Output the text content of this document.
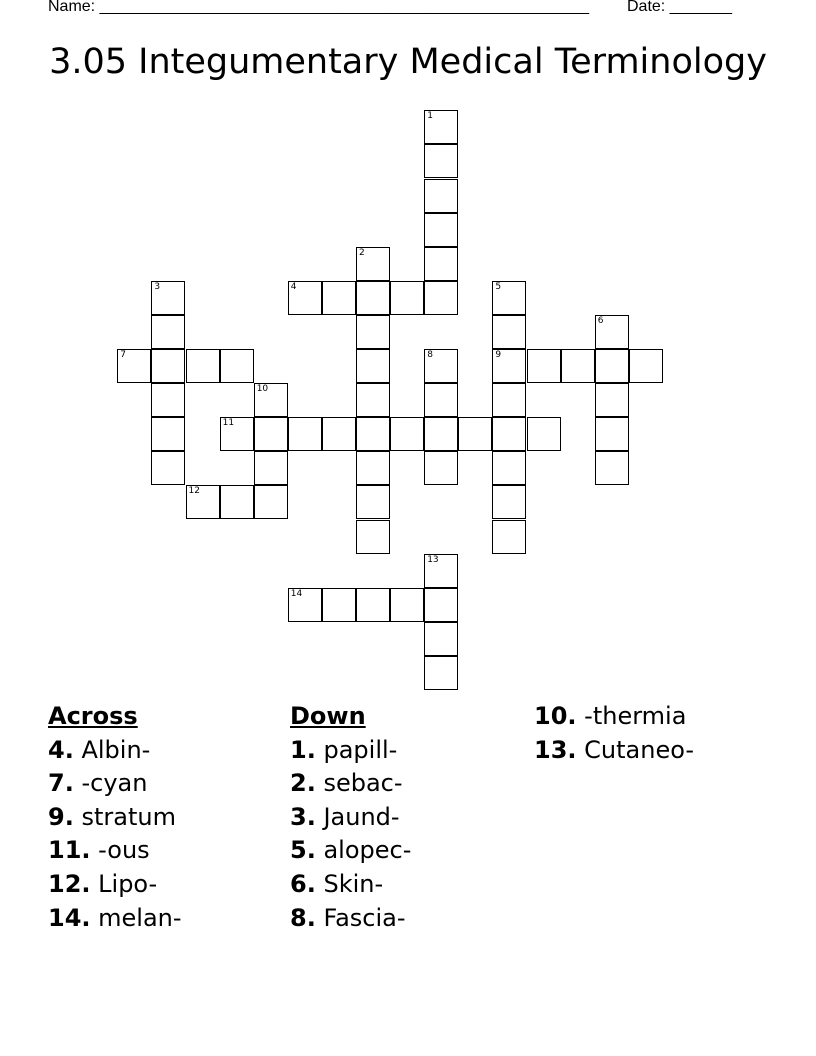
Name: _______________________________________________________ Date: _______
3.05 Integumentary Medical Terminology
1
2
3	4	5
6
7	8	9
10
11
12
13
14
Across
4. Albin-
7. -cyan
9. stratum
11. -ous
12. Lipo-
14. melan-
Down
1. papill-
2. sebac-
3. Jaund-
5. alopec-
6. Skin-
8. Fascia-
10. -thermia
13. Cutaneo-
